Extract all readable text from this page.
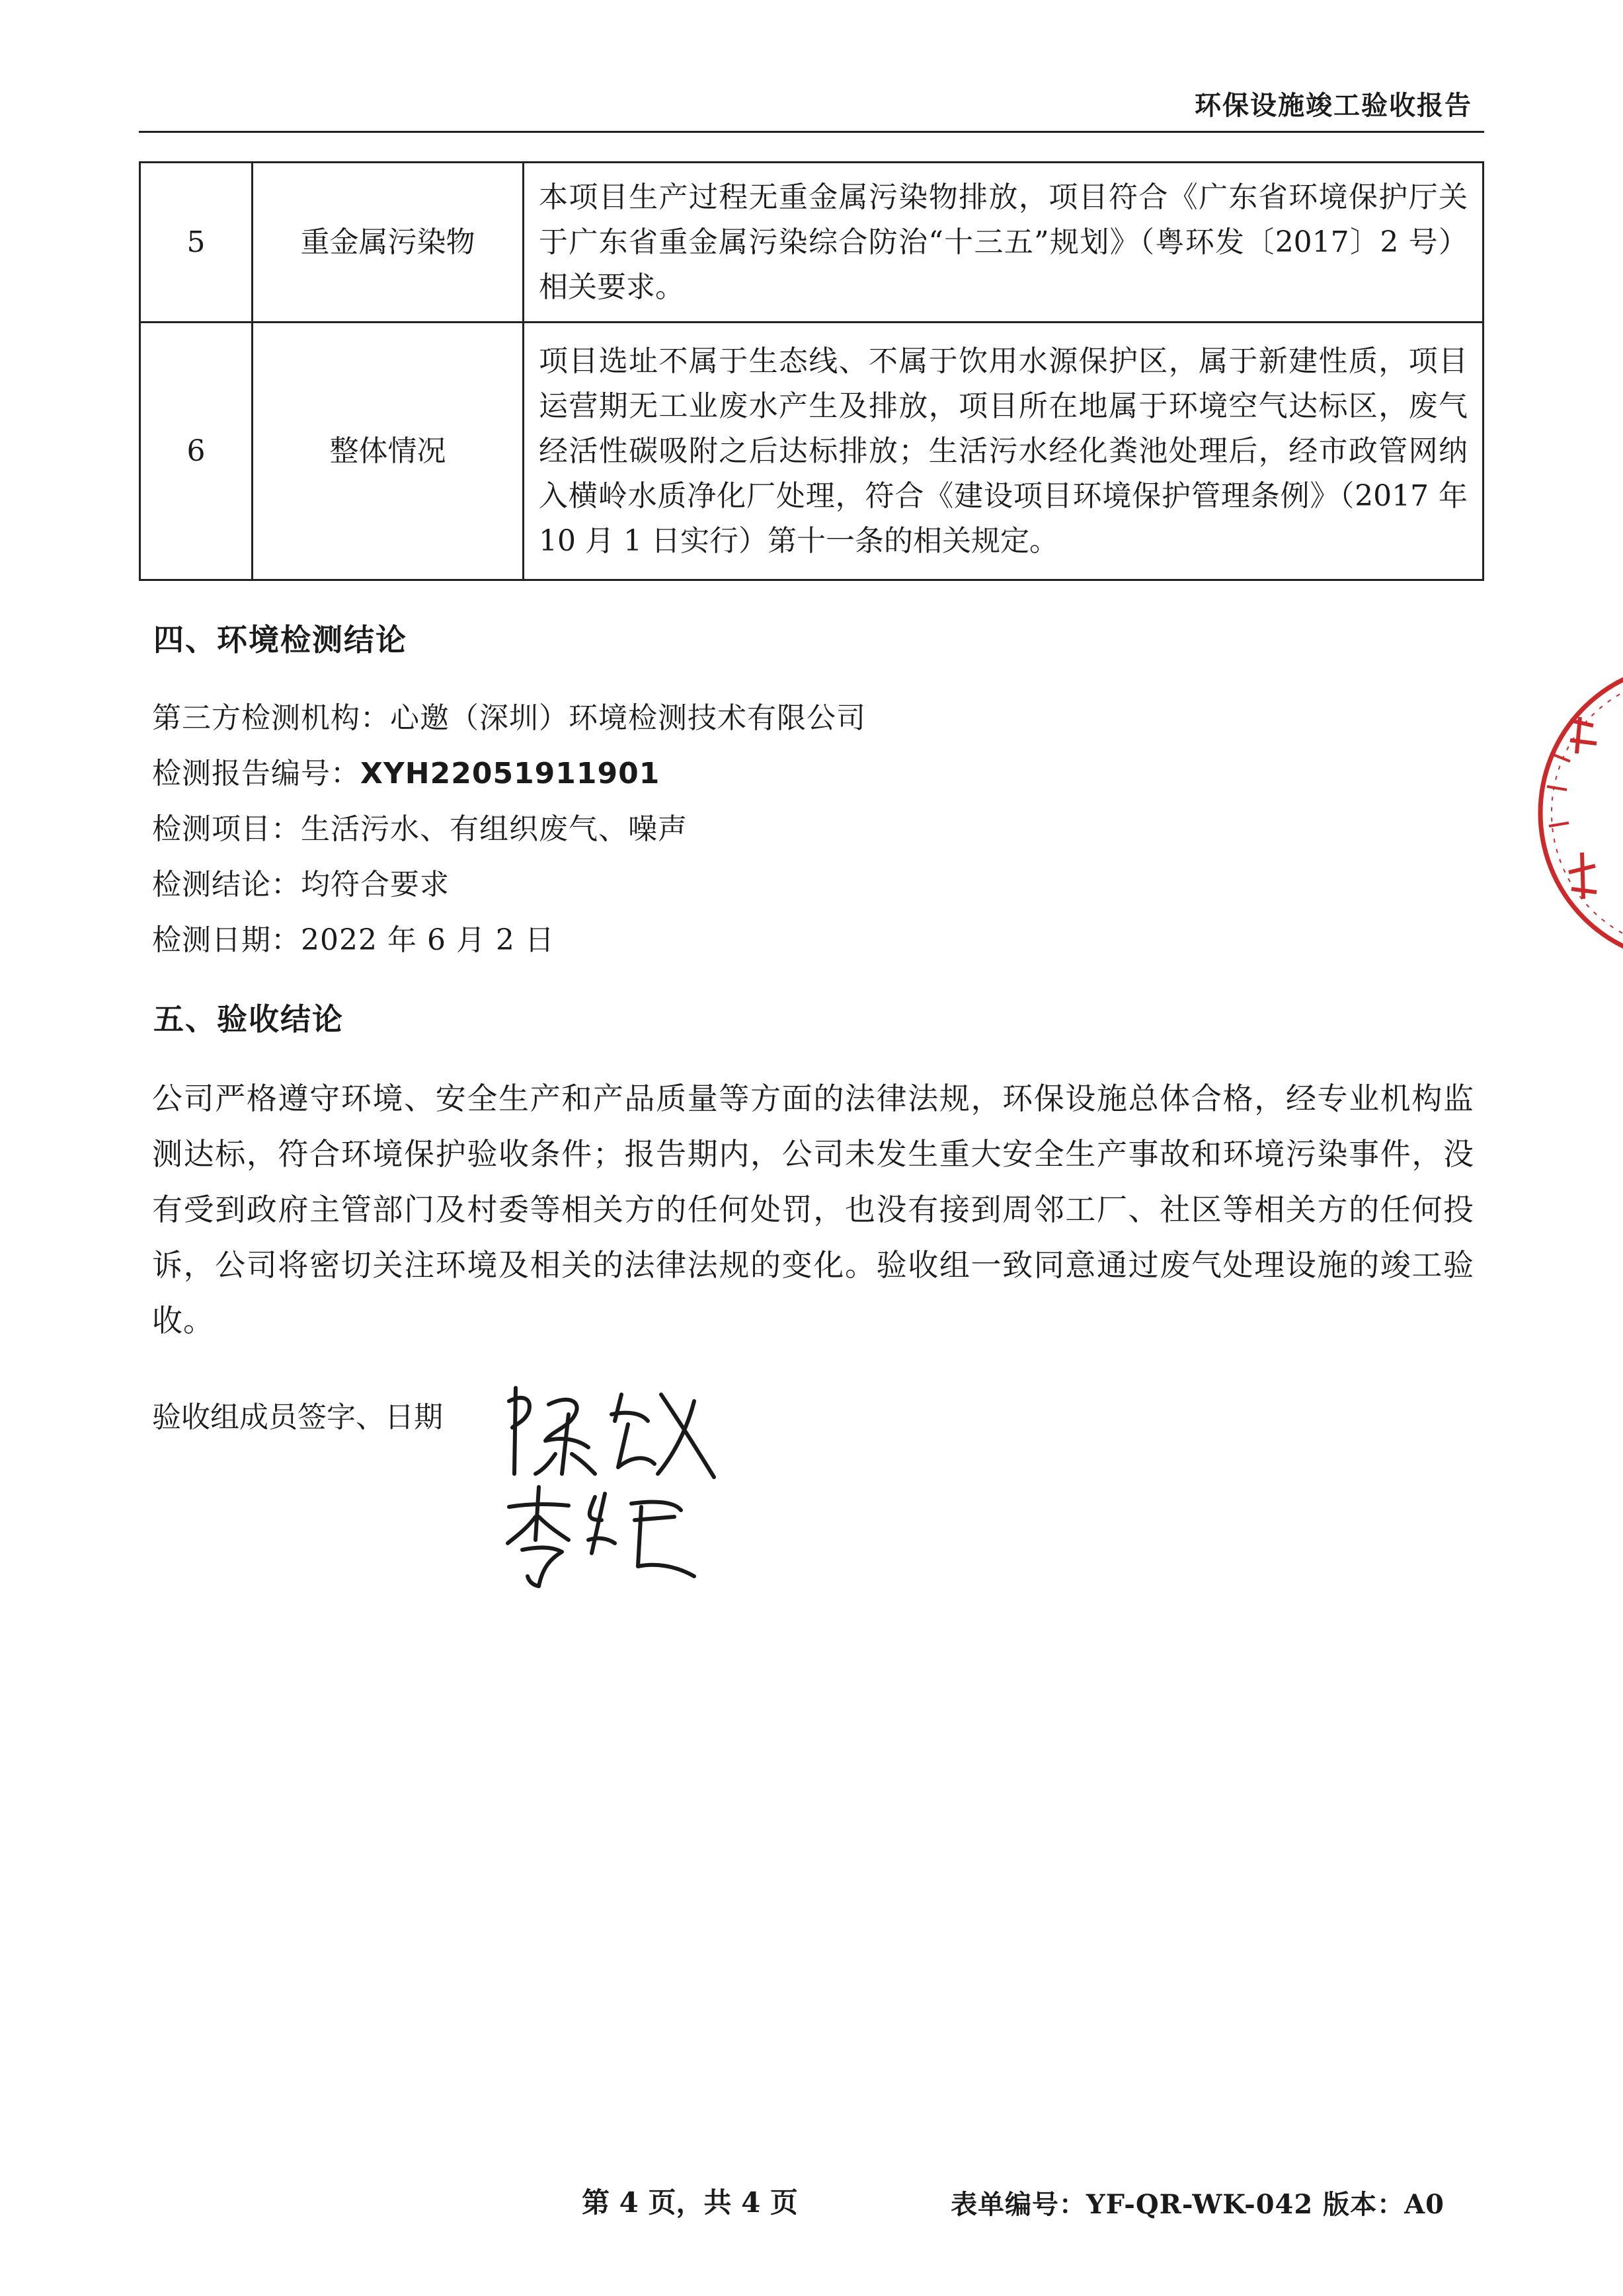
环保设施竣工验收报告
5	重金属污染物	本项目生产过程无重金属污染物排放，项目符合《广东省环境保护厅关于广东省重金属污染综合防治“十三五”规划》（粤环发〔2017〕2 号）相关要求。
6	整体情况	项目选址不属于生态线、不属于饮用水源保护区，属于新建性质，项目运营期无工业废水产生及排放，项目所在地属于环境空气达标区，废气经活性碳吸附之后达标排放；生活污水经化粪池处理后，经市政管网纳入横岭水质净化厂处理，符合《建设项目环境保护管理条例》（2017 年 10 月 1 日实行）第十一条的相关规定。
四、环境检测结论
第三方检测机构：心邀（深圳）环境检测技术有限公司
检测报告编号：XYH22051911901
检测项目：生活污水、有组织废气、噪声
检测结论：均符合要求
检测日期：2022 年 6 月 2 日
五、验收结论
公司严格遵守环境、安全生产和产品质量等方面的法律法规，环保设施总体合格，经专业机构监测达标，符合环境保护验收条件；报告期内，公司未发生重大安全生产事故和环境污染事件，没有受到政府主管部门及村委等相关方的任何处罚，也没有接到周邻工厂、社区等相关方的任何投诉，公司将密切关注环境及相关的法律法规的变化。验收组一致同意通过废气处理设施的竣工验收。
验收组成员签字、日期
第 4 页，共 4 页	表单编号：YF-QR-WK-042 版本：A0
